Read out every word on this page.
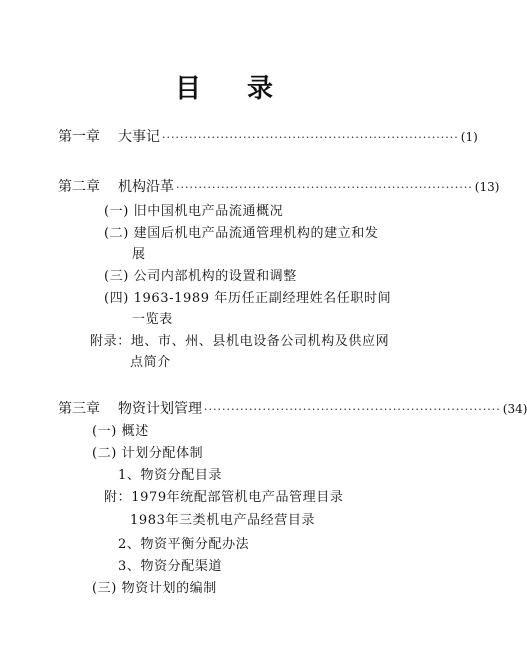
目 录
第一章	大事记 ·································································· (1)
第二章	机构沿革 ·································································· (13)
(一) 旧中国机电产品流通概况
(二) 建国后机电产品流通管理机构的建立和发
展
(三) 公司内部机构的设置和调整
(四) 1963-1989 年历任正副经理姓名任职时间
一览表
附录：地、市、州、县机电设备公司机构及供应网
点简介
第三章	物资计划管理 ·································································· (34)
(一) 概述
(二) 计划分配体制
1、物资分配目录
附：1979年统配部管机电产品管理目录
1983年三类机电产品经营目录
2、物资平衡分配办法
3、物资分配渠道
(三) 物资计划的编制
